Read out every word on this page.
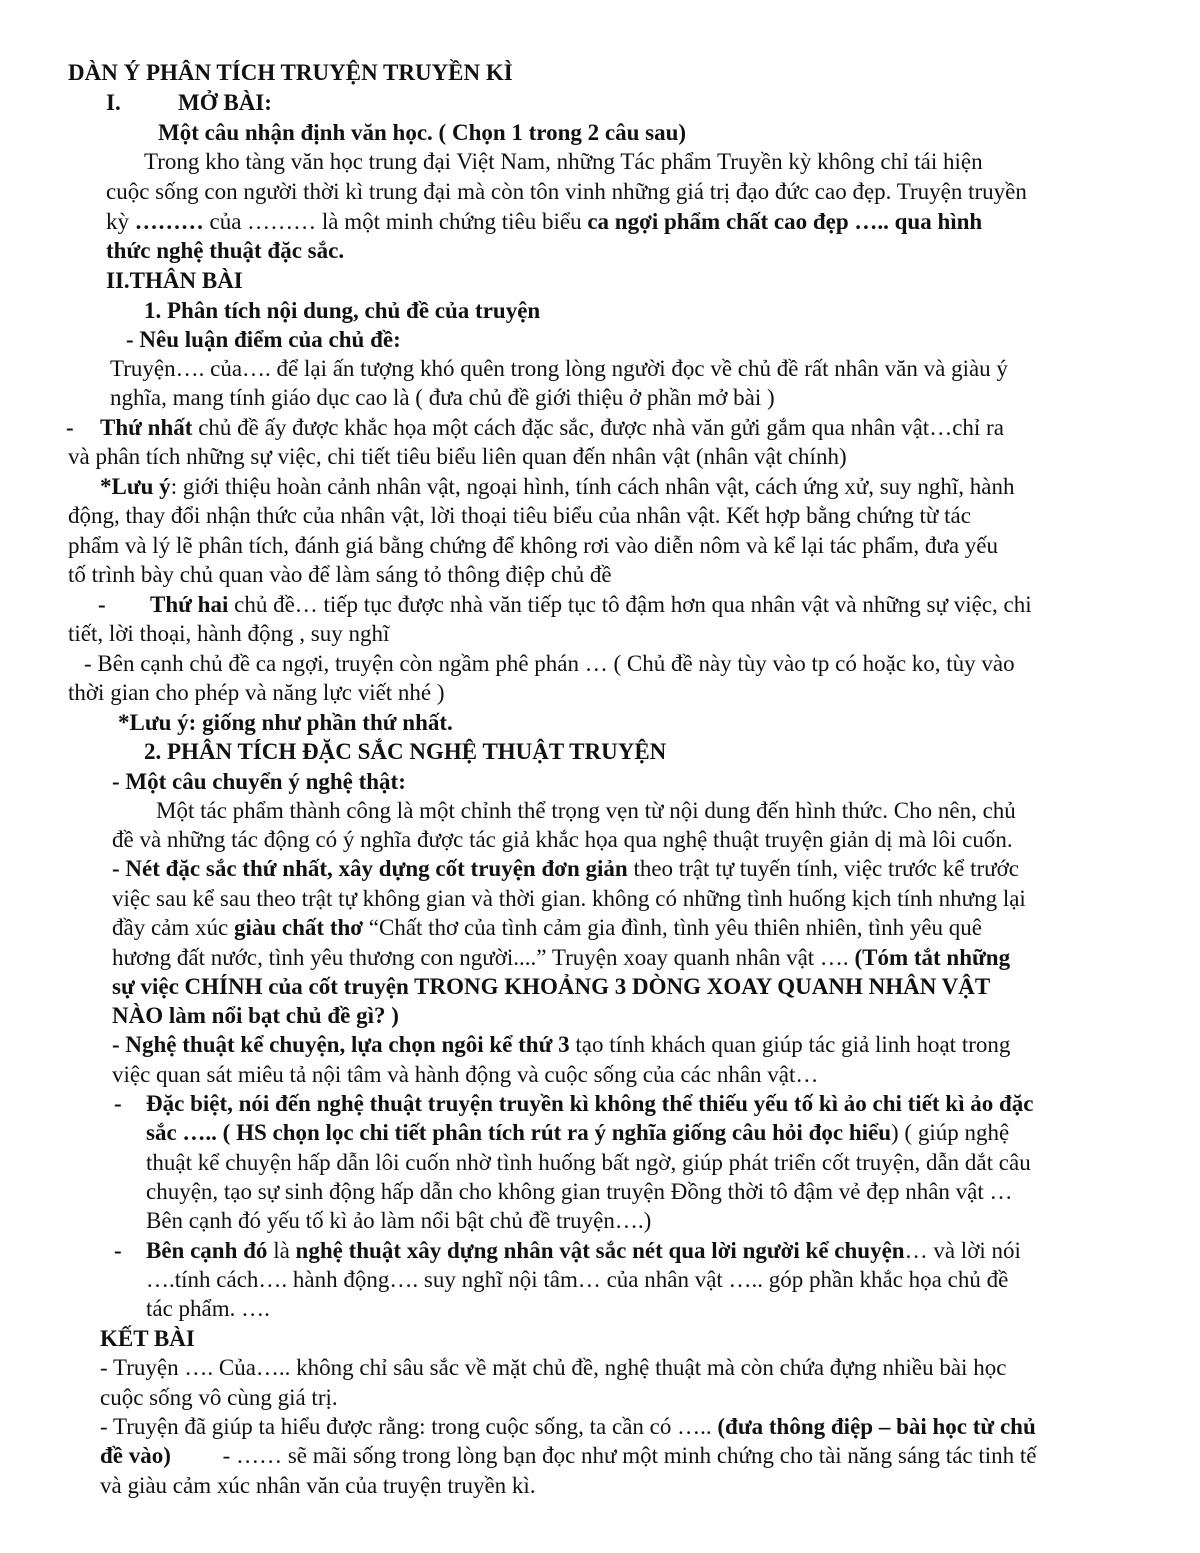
DÀN Ý PHÂN TÍCH TRUYỆN TRUYỀN KÌ
I. MỞ BÀI:
Một câu nhận định văn học. ( Chọn 1 trong 2 câu sau)
Trong kho tàng văn học trung đại Việt Nam, những Tác phẩm Truyền kỳ không chỉ tái hiện
cuộc sống con người thời kì trung đại mà còn tôn vinh những giá trị đạo đức cao đẹp. Truyện truyền
kỳ ……… của ……… là một minh chứng tiêu biểu ca ngợi phẩm chất cao đẹp ….. qua hình
thức nghệ thuật đặc sắc.
II.THÂN BÀI
1. Phân tích nội dung, chủ đề của truyện
- Nêu luận điểm của chủ đề:
Truyện…. của…. để lại ấn tượng khó quên trong lòng người đọc về chủ đề rất nhân văn và giàu ý
nghĩa, mang tính giáo dục cao là ( đưa chủ đề giới thiệu ở phần mở bài )
- Thứ nhất chủ đề ấy được khắc họa một cách đặc sắc, được nhà văn gửi gắm qua nhân vật…chỉ ra
và phân tích những sự việc, chi tiết tiêu biểu liên quan đến nhân vật (nhân vật chính)
*Lưu ý: giới thiệu hoàn cảnh nhân vật, ngoại hình, tính cách nhân vật, cách ứng xử, suy nghĩ, hành
động, thay đổi nhận thức của nhân vật, lời thoại tiêu biểu của nhân vật. Kết hợp bằng chứng từ tác
phẩm và lý lẽ phân tích, đánh giá bằng chứng để không rơi vào diễn nôm và kể lại tác phẩm, đưa yếu
tố trình bày chủ quan vào để làm sáng tỏ thông điệp chủ đề
- Thứ hai chủ đề… tiếp tục được nhà văn tiếp tục tô đậm hơn qua nhân vật và những sự việc, chi
tiết, lời thoại, hành động , suy nghĩ
- Bên cạnh chủ đề ca ngợi, truyện còn ngầm phê phán … ( Chủ đề này tùy vào tp có hoặc ko, tùy vào
thời gian cho phép và năng lực viết nhé )
*Lưu ý: giống như phần thứ nhất.
2. PHÂN TÍCH ĐẶC SẮC NGHỆ THUẬT TRUYỆN
- Một câu chuyển ý nghệ thật:
Một tác phẩm thành công là một chỉnh thể trọng vẹn từ nội dung đến hình thức. Cho nên, chủ
đề và những tác động có ý nghĩa được tác giả khắc họa qua nghệ thuật truyện giản dị mà lôi cuốn.
- Nét đặc sắc thứ nhất, xây dựng cốt truyện đơn giản theo trật tự tuyến tính, việc trước kể trước
việc sau kể sau theo trật tự không gian và thời gian. không có những tình huống kịch tính nhưng lại
đầy cảm xúc giàu chất thơ “Chất thơ của tình cảm gia đình, tình yêu thiên nhiên, tình yêu quê
hương đất nước, tình yêu thương con người....” Truyện xoay quanh nhân vật …. (Tóm tắt những
sự việc CHÍNH của cốt truyện TRONG KHOẢNG 3 DÒNG XOAY QUANH NHÂN VẬT
NÀO làm nổi bạt chủ đề gì? )
- Nghệ thuật kể chuyện, lựa chọn ngôi kể thứ 3 tạo tính khách quan giúp tác giả linh hoạt trong
việc quan sát miêu tả nội tâm và hành động và cuộc sống của các nhân vật…
- Đặc biệt, nói đến nghệ thuật truyện truyền kì không thể thiếu yếu tố kì ảo chi tiết kì ảo đặc
sắc ….. ( HS chọn lọc chi tiết phân tích rút ra ý nghĩa giống câu hỏi đọc hiểu) ( giúp nghệ
thuật kể chuyện hấp dẫn lôi cuốn nhờ tình huống bất ngờ, giúp phát triển cốt truyện, dẫn dắt câu
chuyện, tạo sự sinh động hấp dẫn cho không gian truyện Đồng thời tô đậm vẻ đẹp nhân vật …
Bên cạnh đó yếu tố kì ảo làm nổi bật chủ đề truyện….)
- Bên cạnh đó là nghệ thuật xây dựng nhân vật sắc nét qua lời người kể chuyện… và lời nói
….tính cách…. hành động…. suy nghĩ nội tâm… của nhân vật ….. góp phần khắc họa chủ đề
tác phẩm. ….
KẾT BÀI
- Truyện …. Của….. không chỉ sâu sắc về mặt chủ đề, nghệ thuật mà còn chứa đựng nhiều bài học
cuộc sống vô cùng giá trị.
- Truyện đã giúp ta hiểu được rằng: trong cuộc sống, ta cần có ….. (đưa thông điệp – bài học từ chủ
đề vào)         - …… sẽ mãi sống trong lòng bạn đọc như một minh chứng cho tài năng sáng tác tinh tế
và giàu cảm xúc nhân văn của truyện truyền kì.
